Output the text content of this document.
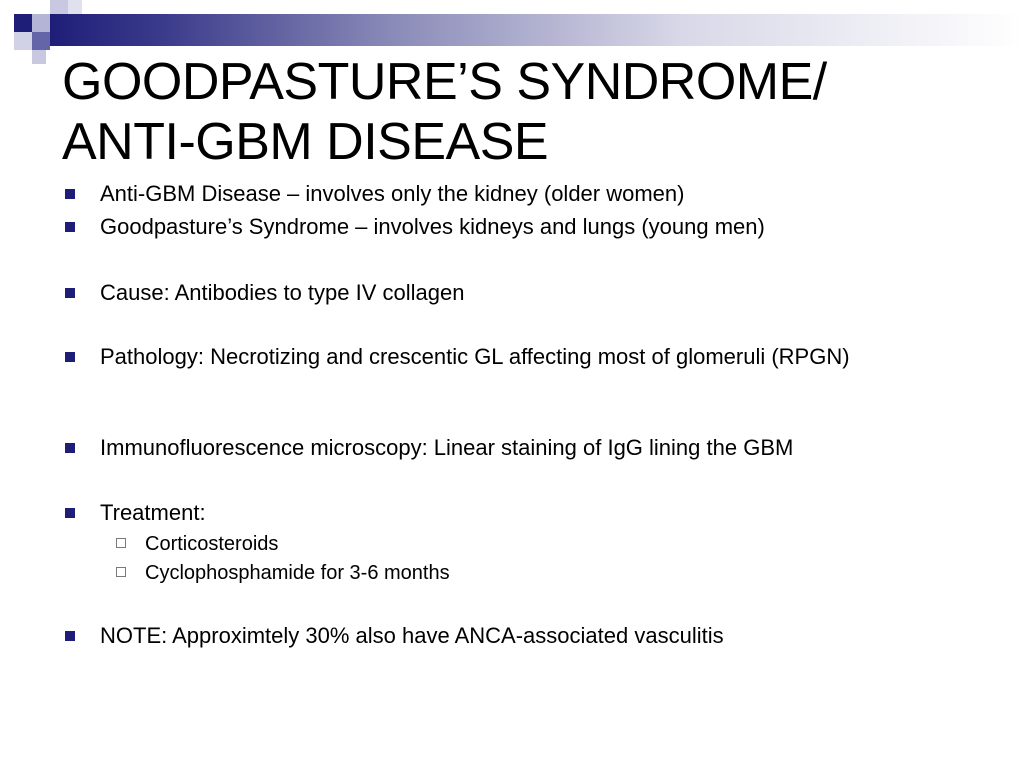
GOODPASTURE’S SYNDROME/
ANTI-GBM DISEASE
Anti-GBM Disease – involves only the kidney (older women)
Goodpasture’s Syndrome – involves kidneys and lungs (young men)
Cause: Antibodies to type IV collagen
Pathology: Necrotizing and crescentic GL affecting most of glomeruli (RPGN)
Immunofluorescence microscopy: Linear staining of IgG lining the GBM
Treatment:
Corticosteroids
Cyclophosphamide for 3-6 months
NOTE: Approximtely 30% also have ANCA-associated vasculitis
